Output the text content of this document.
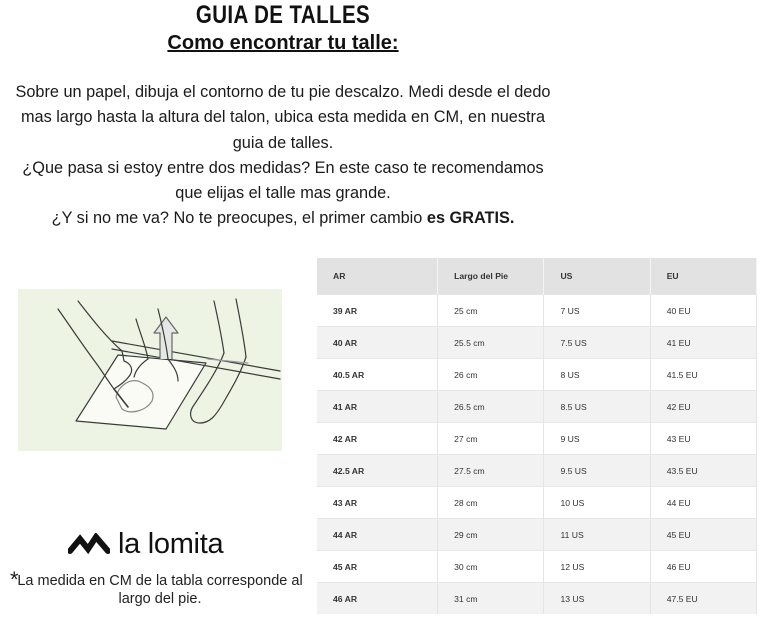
GUIA DE TALLES
Como encontrar tu talle:

Sobre un papel, dibuja el contorno de tu pie descalzo. Medi desde el dedo

mas largo hasta la altura del talon, ubica esta medida en CM, en nuestra

guia de talles.

¿Que pasa si estoy entre dos medidas? En este caso te recomendamos

que elijas el talle mas grande.

¿Y si no me va? No te preocupes, el primer cambio es GRATIS.

la lomita
*
La medida en CM de la tabla corresponde al largo del pie.
AR	Largo del Pie	US	EU
39 AR	25 cm	7 US	40 EU
40 AR	25.5 cm	7.5 US	41 EU
40.5 AR	26 cm	8 US	41.5 EU
41 AR	26.5 cm	8.5 US	42 EU
42 AR	27 cm	9 US	43 EU
42.5 AR	27.5 cm	9.5 US	43.5 EU
43 AR	28 cm	10 US	44 EU
44 AR	29 cm	11 US	45 EU
45 AR	30 cm	12 US	46 EU
46 AR	31 cm	13 US	47.5 EU
